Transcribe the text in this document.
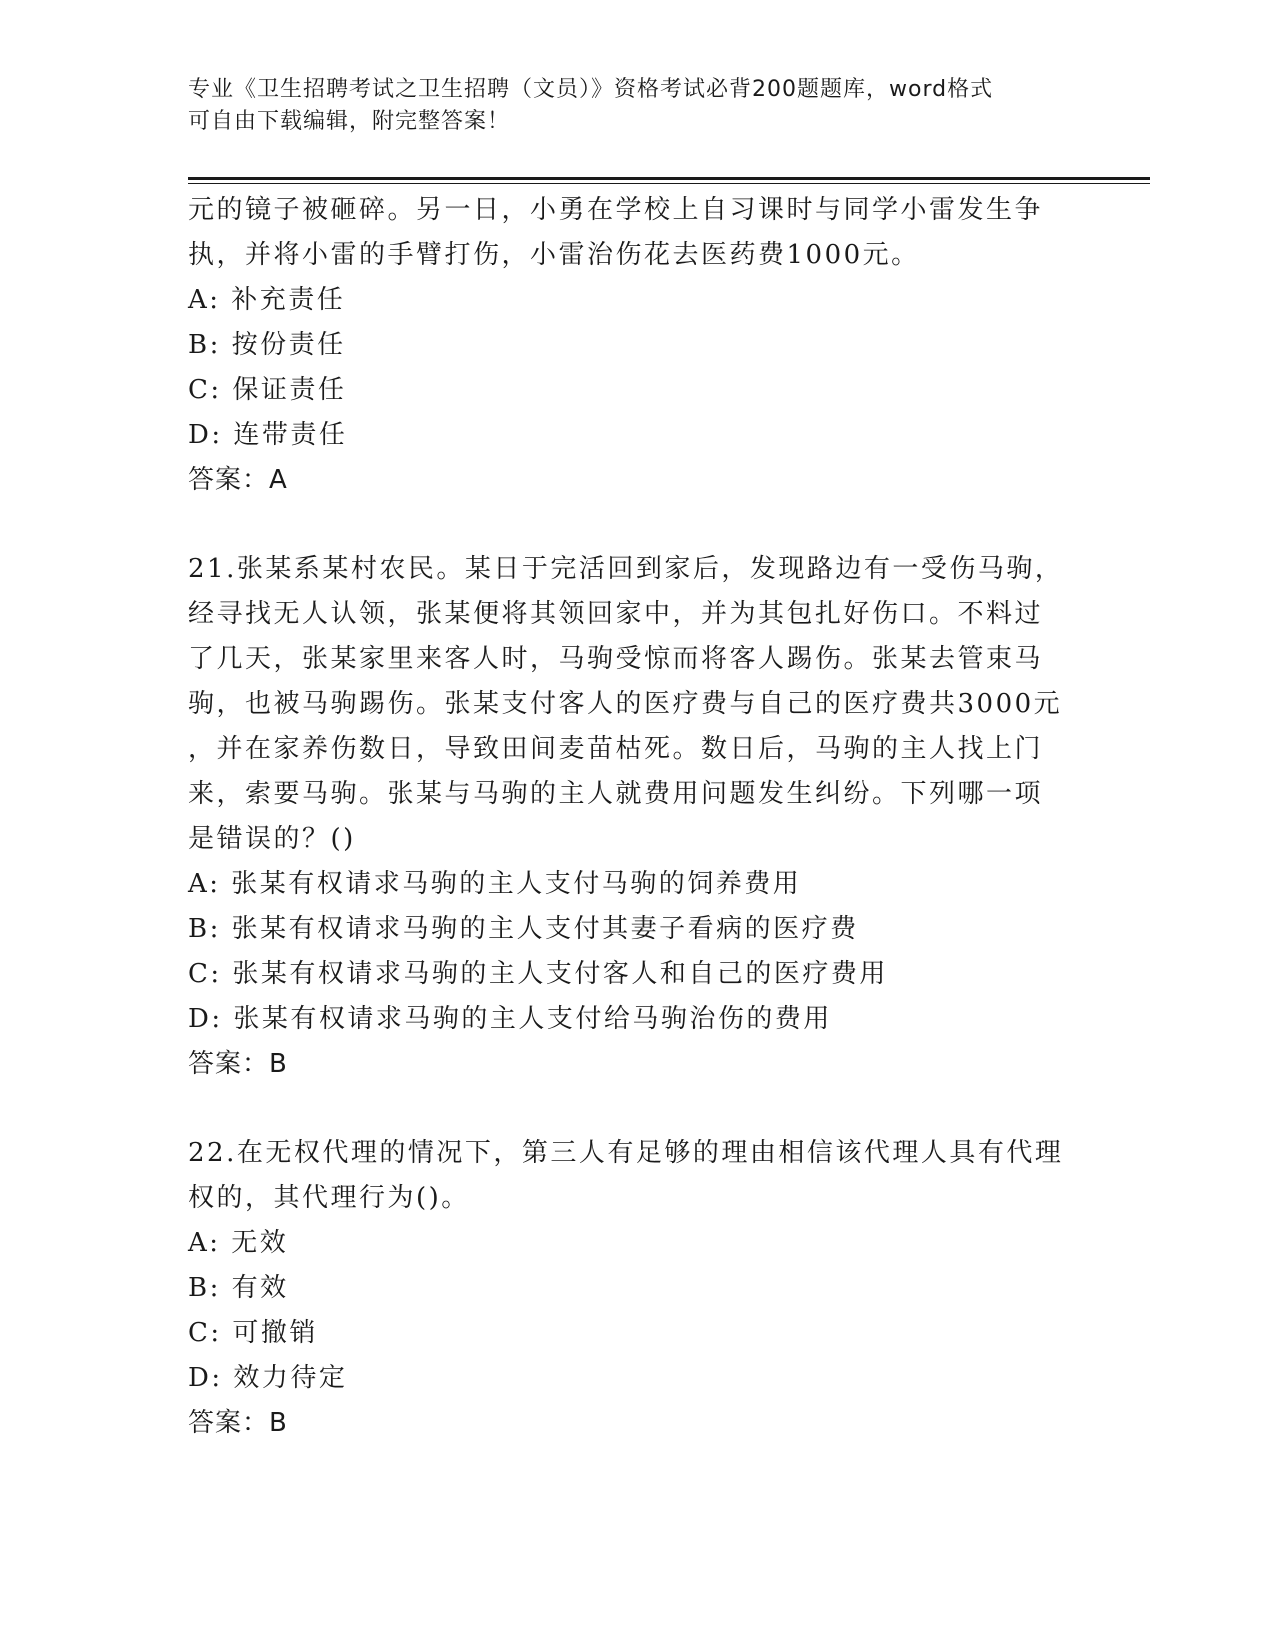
专业《卫生招聘考试之卫生招聘（文员）》资格考试必背200题题库，word格式
可自由下载编辑，附完整答案！
元的镜子被砸碎。另一日，小勇在学校上自习课时与同学小雷发生争
执，并将小雷的手臂打伤，小雷治伤花去医药费1000元。
A: 补充责任
B: 按份责任
C: 保证责任
D: 连带责任
答案：A
21.张某系某村农民。某日于完活回到家后，发现路边有一受伤马驹，
经寻找无人认领，张某便将其领回家中，并为其包扎好伤口。不料过
了几天，张某家里来客人时，马驹受惊而将客人踢伤。张某去管束马
驹，也被马驹踢伤。张某支付客人的医疗费与自己的医疗费共3000元
，并在家养伤数日，导致田间麦苗枯死。数日后，马驹的主人找上门
来，索要马驹。张某与马驹的主人就费用问题发生纠纷。下列哪一项
是错误的？()
A: 张某有权请求马驹的主人支付马驹的饲养费用
B: 张某有权请求马驹的主人支付其妻子看病的医疗费
C: 张某有权请求马驹的主人支付客人和自己的医疗费用
D: 张某有权请求马驹的主人支付给马驹治伤的费用
答案：B
22.在无权代理的情况下，第三人有足够的理由相信该代理人具有代理
权的，其代理行为()。
A: 无效
B: 有效
C: 可撤销
D: 效力待定
答案：B
